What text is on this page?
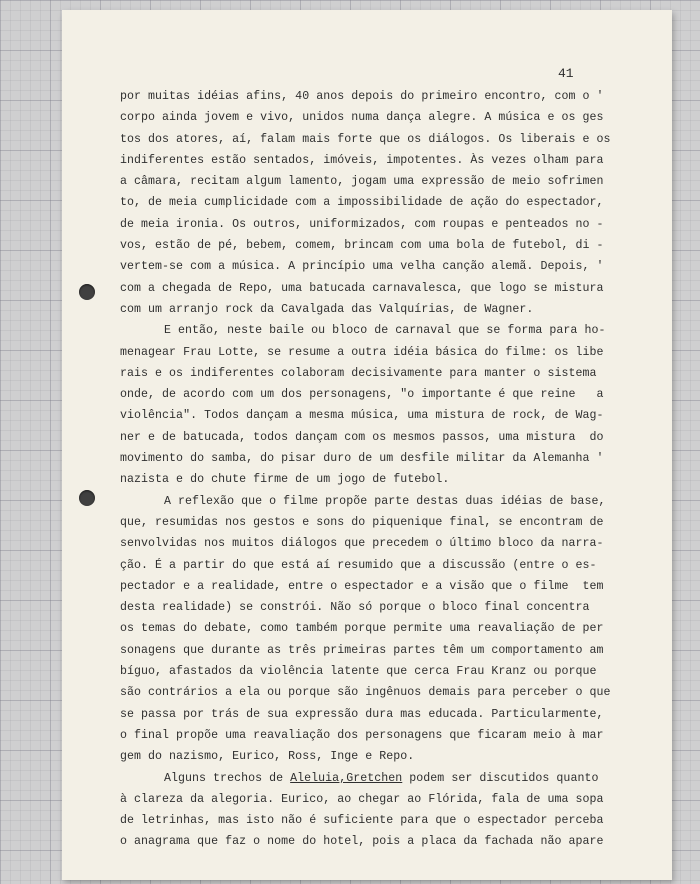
41
por muitas idéias afins, 40 anos depois do primeiro encontro, com o '
corpo ainda jovem e vivo, unidos numa dança alegre. A música e os ges
tos dos atores, aí, falam mais forte que os diálogos. Os liberais e os
indiferentes estão sentados, imóveis, impotentes. Às vezes olham para
a câmara, recitam algum lamento, jogam uma expressão de meio sofrimen
to, de meia cumplicidade com a impossibilidade de ação do espectador,
de meia ironia. Os outros, uniformizados, com roupas e penteados no -
vos, estão de pé, bebem, comem, brincam com uma bola de futebol, di -
vertem-se com a música. A princípio uma velha canção alemã. Depois, '
com a chegada de Repo, uma batucada carnavalesca, que logo se mistura
com um arranjo rock da Cavalgada das Valquírias, de Wagner.
E então, neste baile ou bloco de carnaval que se forma para ho-
menagear Frau Lotte, se resume a outra idéia básica do filme: os libe
rais e os indiferentes colaboram decisivamente para manter o sistema
onde, de acordo com um dos personagens, "o importante é que reine   a
violência". Todos dançam a mesma música, uma mistura de rock, de Wag-
ner e de batucada, todos dançam com os mesmos passos, uma mistura  do
movimento do samba, do pisar duro de um desfile militar da Alemanha '
nazista e do chute firme de um jogo de futebol.
A reflexão que o filme propõe parte destas duas idéias de base,
que, resumidas nos gestos e sons do piquenique final, se encontram de
senvolvidas nos muitos diálogos que precedem o último bloco da narra-
ção. É a partir do que está aí resumido que a discussão (entre o es-
pectador e a realidade, entre o espectador e a visão que o filme  tem
desta realidade) se constrói. Não só porque o bloco final concentra
os temas do debate, como também porque permite uma reavaliação de per
sonagens que durante as três primeiras partes têm um comportamento am
bíguo, afastados da violência latente que cerca Frau Kranz ou porque
são contrários a ela ou porque são ingênuos demais para perceber o que
se passa por trás de sua expressão dura mas educada. Particularmente,
o final propõe uma reavaliação dos personagens que ficaram meio à mar
gem do nazismo, Eurico, Ross, Inge e Repo.
Alguns trechos de Aleluia,Gretchen podem ser discutidos quanto
à clareza da alegoria. Eurico, ao chegar ao Flórida, fala de uma sopa
de letrinhas, mas isto não é suficiente para que o espectador perceba
o anagrama que faz o nome do hotel, pois a placa da fachada não apare
